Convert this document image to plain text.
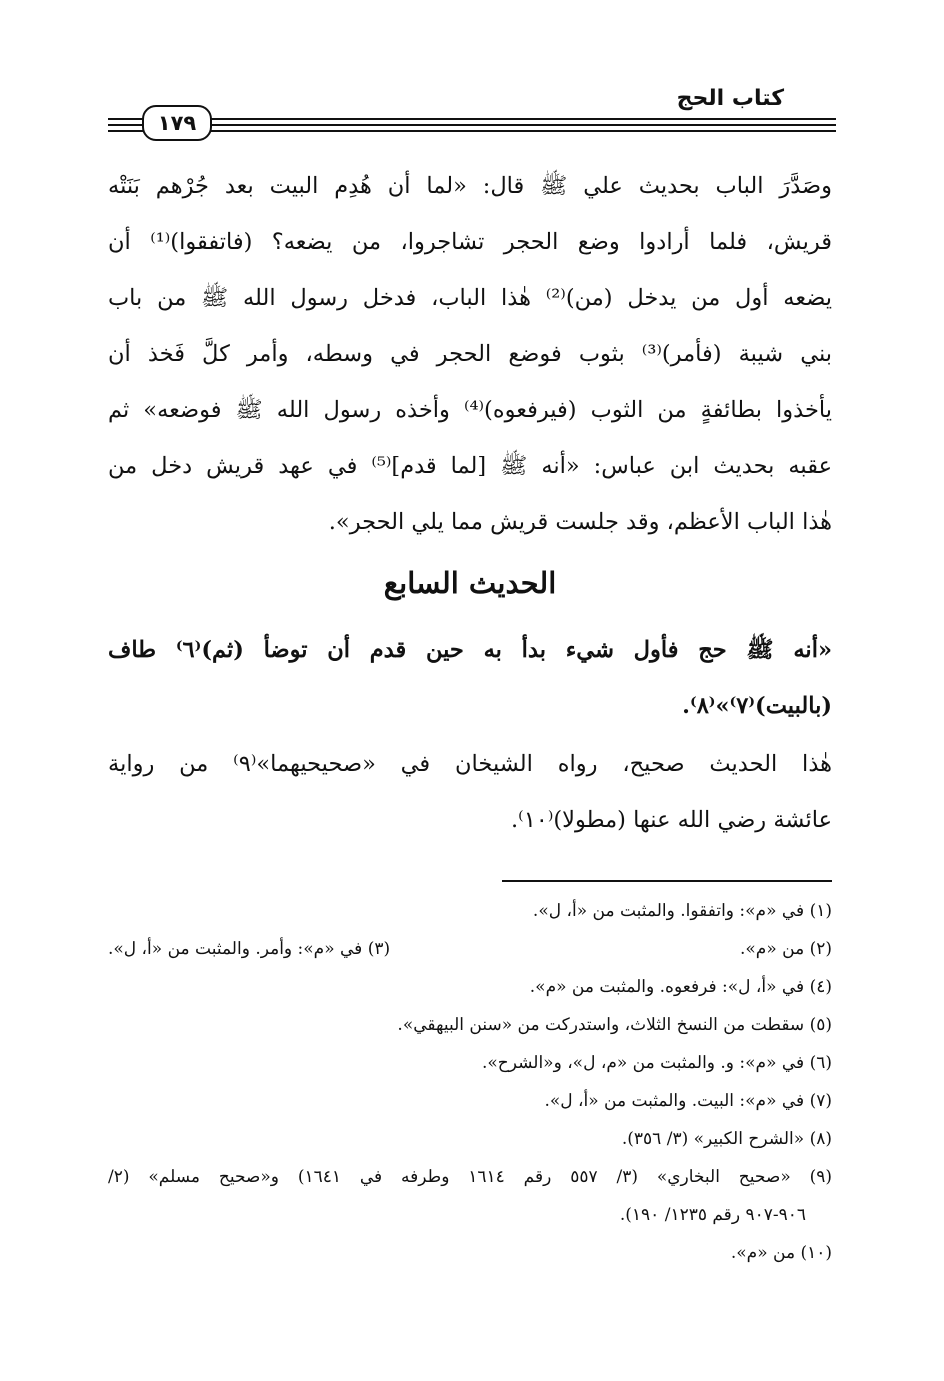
كتاب الحج
١٧٩
وصَدَّرَ الباب بحديث علي ﷺ قال: «لما أن هُدِم البيت بعد جُرْهم بَنَتْه
قريش، فلما أرادوا وضع الحجر تشاجروا، من يضعه؟ (فاتفقوا)⁽¹⁾ أن
يضعه أول من يدخل (من)⁽²⁾ هٰذا الباب، فدخل رسول الله ﷺ من باب
بني شيبة (فأمر)⁽³⁾ بثوب فوضع الحجر في وسطه، وأمر كلَّ فَخذ أن
يأخذوا بطائفةٍ من الثوب (فيرفعوه)⁽⁴⁾ وأخذه رسول الله ﷺ فوضعه» ثم
عقبه بحديث ابن عباس: «أنه ﷺ [لما قدم]⁽⁵⁾ في عهد قريش دخل من
هٰذا الباب الأعظم، وقد جلست قريش مما يلي الحجر».
الحديث السابع
«أنه ﷺ حج فأول شيء بدأ به حين قدم أن توضأ (ثم)⁽٦⁾ طاف
(بالبيت)⁽٧⁾»⁽٨⁾.
هٰذا الحديث صحيح، رواه الشيخان في «صحيحيهما»⁽٩⁾ من رواية
عائشة رضي الله عنها (مطولا)⁽١٠⁾.
(١) في «م»: واتفقوا. والمثبت من «أ، ل».
(٢) من «م».
(٣) في «م»: وأمر. والمثبت من «أ، ل».
(٤) في «أ، ل»: فرفعوه. والمثبت من «م».
(٥) سقطت من النسخ الثلاث، واستدركت من «سنن البيهقي».
(٦) في «م»: و. والمثبت من «م، ل»، و«الشرح».
(٧) في «م»: البيت. والمثبت من «أ، ل».
(٨) «الشرح الكبير» (٣/ ٣٥٦).
(٩) «صحيح البخاري» (٣/ ٥٥٧ رقم ١٦١٤ وطرفه في ١٦٤١) و«صحيح مسلم» (٢/
٩٠٦-٩٠٧ رقم ١٢٣٥/ ١٩٠).
(١٠) من «م».
